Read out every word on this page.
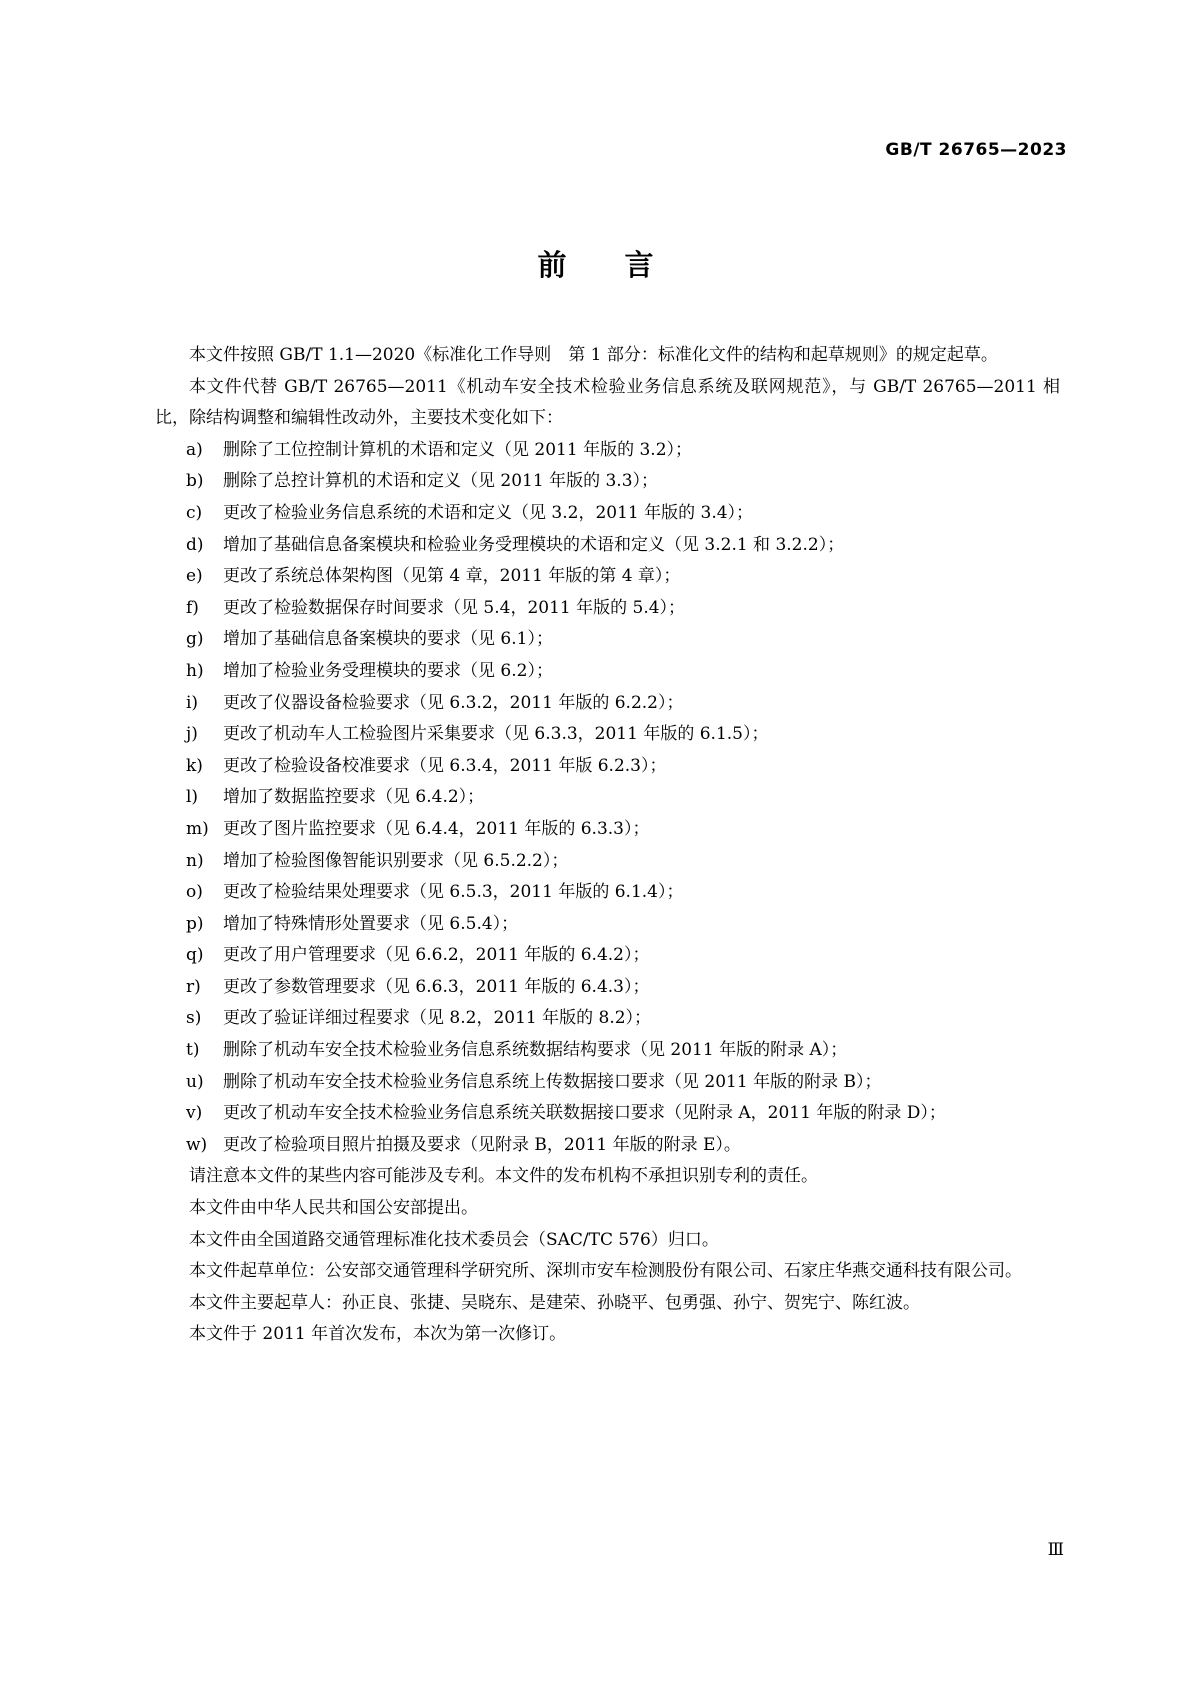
GB/T 26765—2023
前言

本文件按照 GB/T 1.1—2020《标准化工作导则　第 1 部分：标准化文件的结构和起草规则》的规定起草。

本文件代替 GB/T 26765—2011《机动车安全技术检验业务信息系统及联网规范》，与 GB/T 26765—2011 相比，除结构调整和编辑性改动外，主要技术变化如下：

a) 删除了工位控制计算机的术语和定义（见 2011 年版的 3.2）；
b) 删除了总控计算机的术语和定义（见 2011 年版的 3.3）；
c) 更改了检验业务信息系统的术语和定义（见 3.2，2011 年版的 3.4）；
d) 增加了基础信息备案模块和检验业务受理模块的术语和定义（见 3.2.1 和 3.2.2）；
e) 更改了系统总体架构图（见第 4 章，2011 年版的第 4 章）；
f) 更改了检验数据保存时间要求（见 5.4，2011 年版的 5.4）；
g) 增加了基础信息备案模块的要求（见 6.1）；
h) 增加了检验业务受理模块的要求（见 6.2）；
i) 更改了仪器设备检验要求（见 6.3.2，2011 年版的 6.2.2）；
j) 更改了机动车人工检验图片采集要求（见 6.3.3，2011 年版的 6.1.5）；
k) 更改了检验设备校准要求（见 6.3.4，2011 年版 6.2.3）；
l) 增加了数据监控要求（见 6.4.2）；
m) 更改了图片监控要求（见 6.4.4，2011 年版的 6.3.3）；
n) 增加了检验图像智能识别要求（见 6.5.2.2）；
o) 更改了检验结果处理要求（见 6.5.3，2011 年版的 6.1.4）；
p) 增加了特殊情形处置要求（见 6.5.4）；
q) 更改了用户管理要求（见 6.6.2，2011 年版的 6.4.2）；
r) 更改了参数管理要求（见 6.6.3，2011 年版的 6.4.3）；
s) 更改了验证详细过程要求（见 8.2，2011 年版的 8.2）；
t) 删除了机动车安全技术检验业务信息系统数据结构要求（见 2011 年版的附录 A）；
u) 删除了机动车安全技术检验业务信息系统上传数据接口要求（见 2011 年版的附录 B）；
v) 更改了机动车安全技术检验业务信息系统关联数据接口要求（见附录 A，2011 年版的附录 D）；
w) 更改了检验项目照片拍摄及要求（见附录 B，2011 年版的附录 E）。

请注意本文件的某些内容可能涉及专利。本文件的发布机构不承担识别专利的责任。

本文件由中华人民共和国公安部提出。

本文件由全国道路交通管理标准化技术委员会（SAC/TC 576）归口。

本文件起草单位：公安部交通管理科学研究所、深圳市安车检测股份有限公司、石家庄华燕交通科技有限公司。

本文件主要起草人：孙正良、张捷、吴晓东、是建荣、孙晓平、包勇强、孙宁、贺宪宁、陈红波。

本文件于 2011 年首次发布，本次为第一次修订。

Ⅲ
